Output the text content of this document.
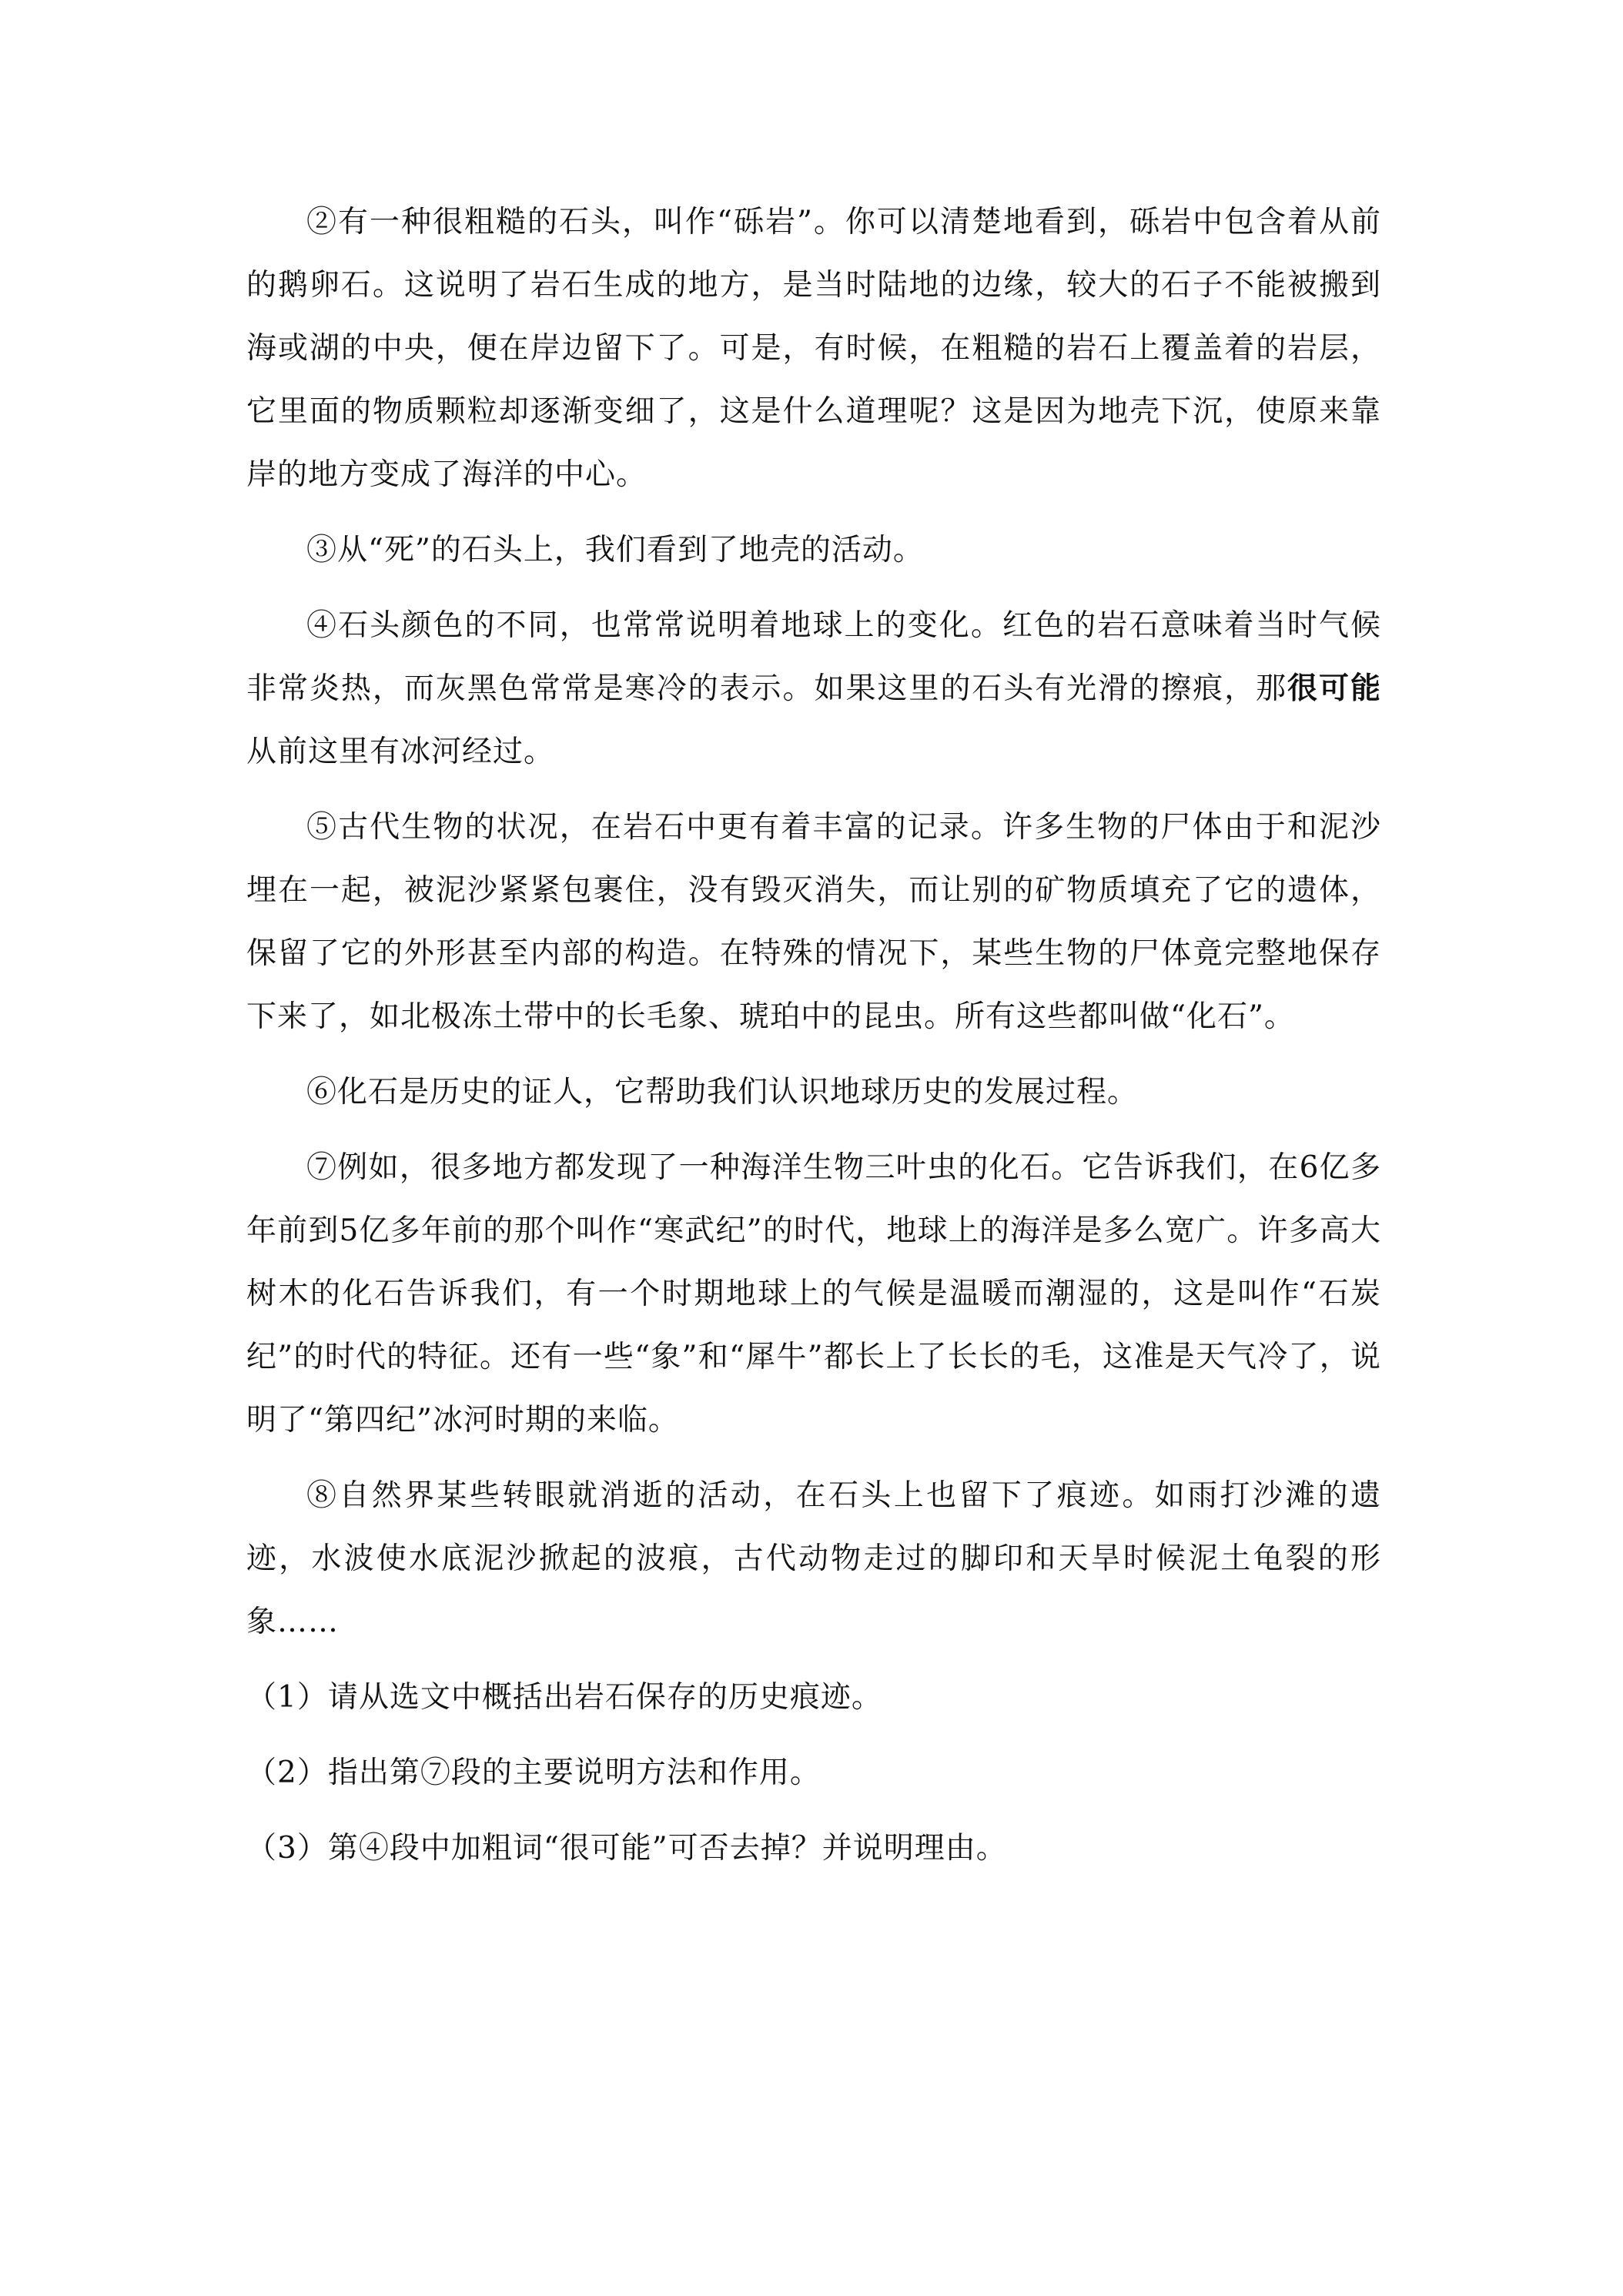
②有一种很粗糙的石头，叫作“砾岩”。你可以清楚地看到，砾岩中包含着从前的鹅卵石。这说明了岩石生成的地方，是当时陆地的边缘，较大的石子不能被搬到海或湖的中央，便在岸边留下了。可是，有时候，在粗糙的岩石上覆盖着的岩层，它里面的物质颗粒却逐渐变细了，这是什么道理呢？这是因为地壳下沉，使原来靠岸的地方变成了海洋的中心。

③从“死”的石头上，我们看到了地壳的活动。

④石头颜色的不同，也常常说明着地球上的变化。红色的岩石意味着当时气候非常炎热，而灰黑色常常是寒冷的表示。如果这里的石头有光滑的擦痕，那很可能从前这里有冰河经过。

⑤古代生物的状况，在岩石中更有着丰富的记录。许多生物的尸体由于和泥沙埋在一起，被泥沙紧紧包裹住，没有毁灭消失，而让别的矿物质填充了它的遗体，保留了它的外形甚至内部的构造。在特殊的情况下，某些生物的尸体竟完整地保存下来了，如北极冻土带中的长毛象、琥珀中的昆虫。所有这些都叫做“化石”。

⑥化石是历史的证人，它帮助我们认识地球历史的发展过程。

⑦例如，很多地方都发现了一种海洋生物三叶虫的化石。它告诉我们，在6亿多年前到5亿多年前的那个叫作“寒武纪”的时代，地球上的海洋是多么宽广。许多高大树木的化石告诉我们，有一个时期地球上的气候是温暖而潮湿的，这是叫作“石炭纪”的时代的特征。还有一些“象”和“犀牛”都长上了长长的毛，这准是天气冷了，说明了“第四纪”冰河时期的来临。

⑧自然界某些转眼就消逝的活动，在石头上也留下了痕迹。如雨打沙滩的遗迹，水波使水底泥沙掀起的波痕，古代动物走过的脚印和天旱时候泥土龟裂的形象……

（1）请从选文中概括出岩石保存的历史痕迹。

（2）指出第⑦段的主要说明方法和作用。

（3）第④段中加粗词“很可能”可否去掉？并说明理由。
